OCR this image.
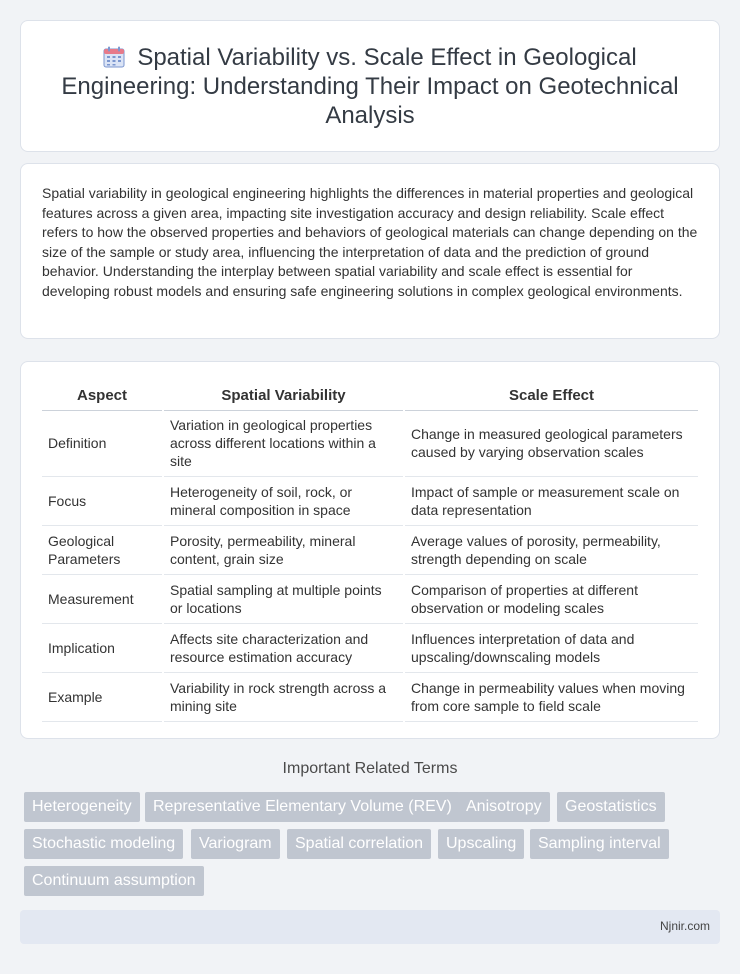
Spatial Variability vs. Scale Effect in Geological Engineering: Understanding Their Impact on Geotechnical Analysis

Spatial variability in geological engineering highlights the differences in material properties and geological features across a given area, impacting site investigation accuracy and design reliability. Scale effect refers to how the observed properties and behaviors of geological materials can change depending on the size of the sample or study area, influencing the interpretation of data and the prediction of ground behavior. Understanding the interplay between spatial variability and scale effect is essential for developing robust models and ensuring safe engineering solutions in complex geological environments.

Aspect	Spatial Variability	Scale Effect
Definition	Variation in geological properties across different locations within a site	Change in measured geological parameters caused by varying observation scales
Focus	Heterogeneity of soil, rock, or mineral composition in space	Impact of sample or measurement scale on data representation
Geological Parameters	Porosity, permeability, mineral content, grain size	Average values of porosity, permeability, strength depending on scale
Measurement	Spatial sampling at multiple points or locations	Comparison of properties at different observation or modeling scales
Implication	Affects site characterization and resource estimation accuracy	Influences interpretation of data and upscaling/downscaling models
Example	Variability in rock strength across a mining site	Change in permeability values when moving from core sample to field scale
Important Related Terms
Heterogeneity	Representative Elementary Volume (REV) Anisotropy	Geostatistics
Stochastic modeling	Variogram	Spatial correlation	Upscaling	Sampling interval
Continuum assumption
Njnir.com
